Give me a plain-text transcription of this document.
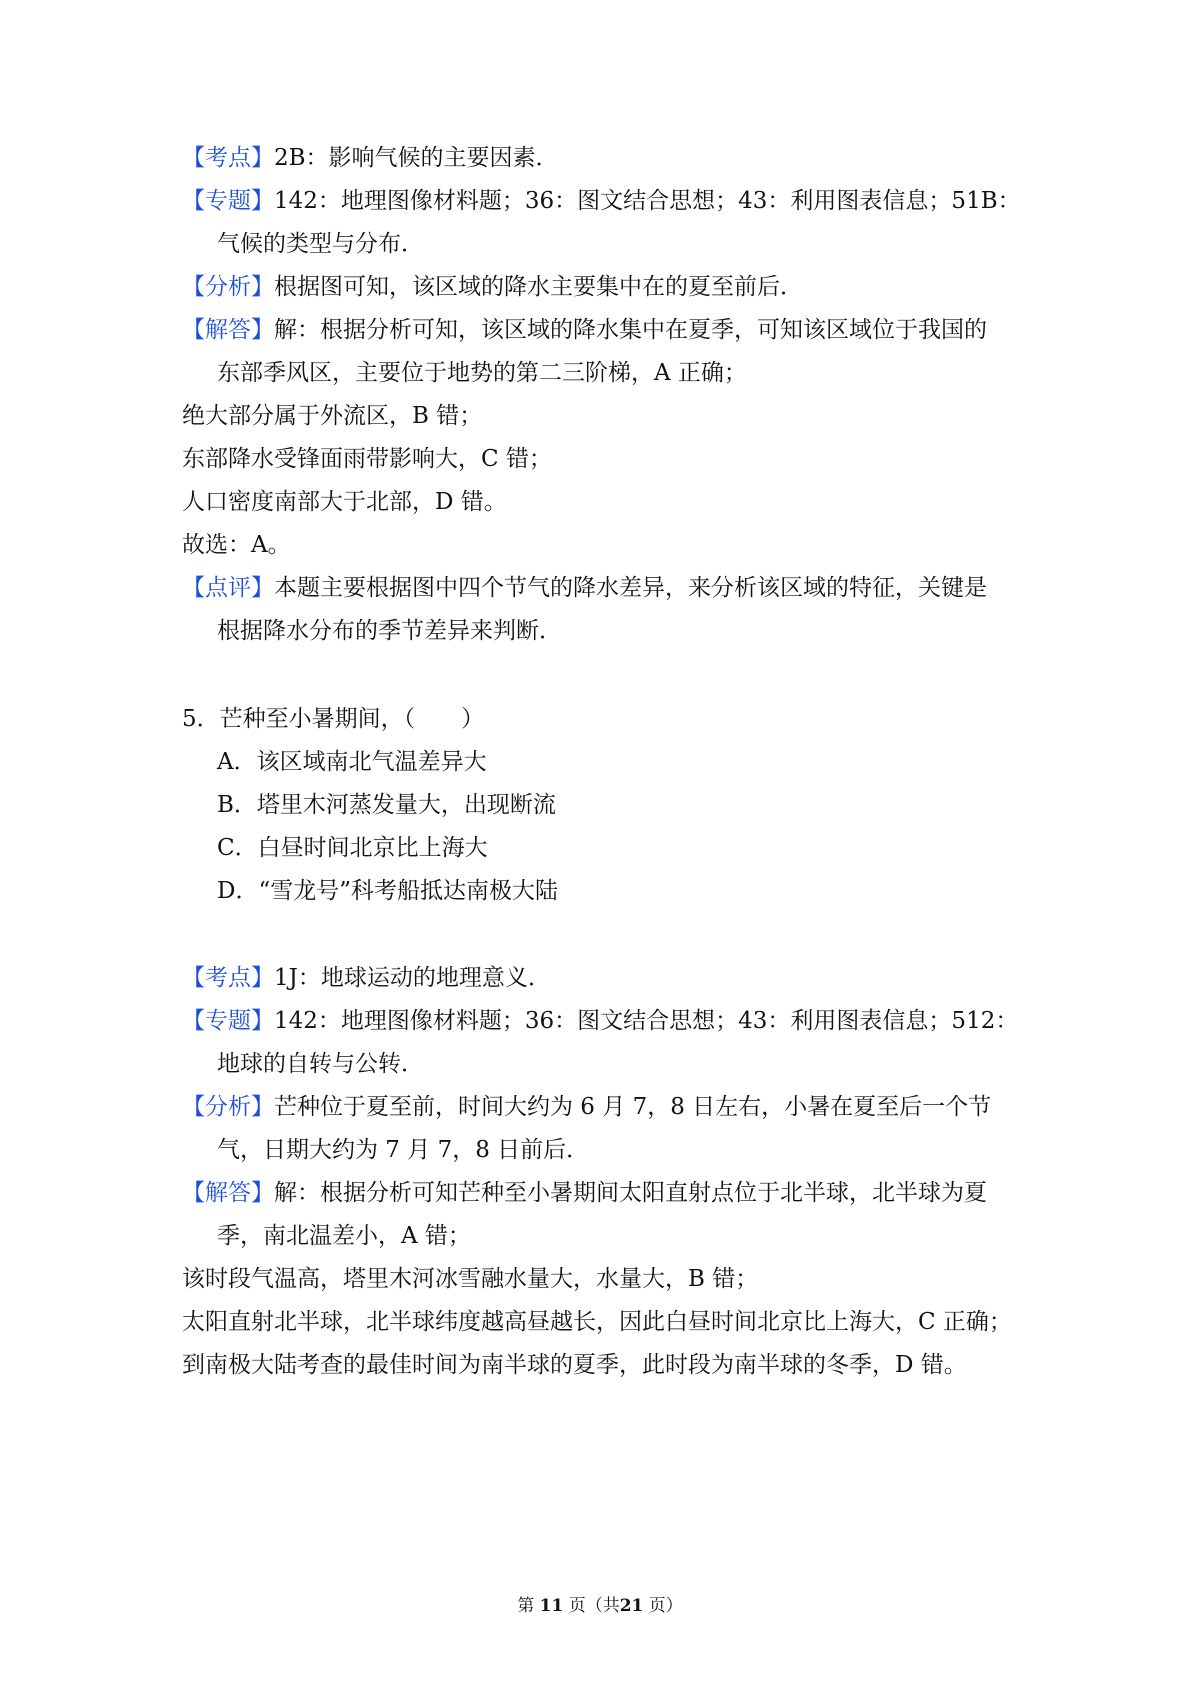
【考点】2B：影响气候的主要因素．
【专题】142：地理图像材料题；36：图文结合思想；43：利用图表信息；51B：
气候的类型与分布．
【分析】根据图可知，该区域的降水主要集中在的夏至前后．
【解答】解：根据分析可知，该区域的降水集中在夏季，可知该区域位于我国的
东部季风区，主要位于地势的第二三阶梯，A 正确；
绝大部分属于外流区，B 错；
东部降水受锋面雨带影响大，C 错；
人口密度南部大于北部，D 错。
故选：A。
【点评】本题主要根据图中四个节气的降水差异，来分析该区域的特征，关键是
根据降水分布的季节差异来判断．
5．芒种至小暑期间，（　　）
A．该区域南北气温差异大
B．塔里木河蒸发量大，出现断流
C．白昼时间北京比上海大
D．“雪龙号”科考船抵达南极大陆
【考点】1J：地球运动的地理意义．
【专题】142：地理图像材料题；36：图文结合思想；43：利用图表信息；512：
地球的自转与公转．
【分析】芒种位于夏至前，时间大约为 6 月 7，8 日左右，小暑在夏至后一个节
气，日期大约为 7 月 7，8 日前后．
【解答】解：根据分析可知芒种至小暑期间太阳直射点位于北半球，北半球为夏
季，南北温差小，A 错；
该时段气温高，塔里木河冰雪融水量大，水量大，B 错；
太阳直射北半球，北半球纬度越高昼越长，因此白昼时间北京比上海大，C 正确；
到南极大陆考查的最佳时间为南半球的夏季，此时段为南半球的冬季，D 错。
第 11 页（共21 页）
